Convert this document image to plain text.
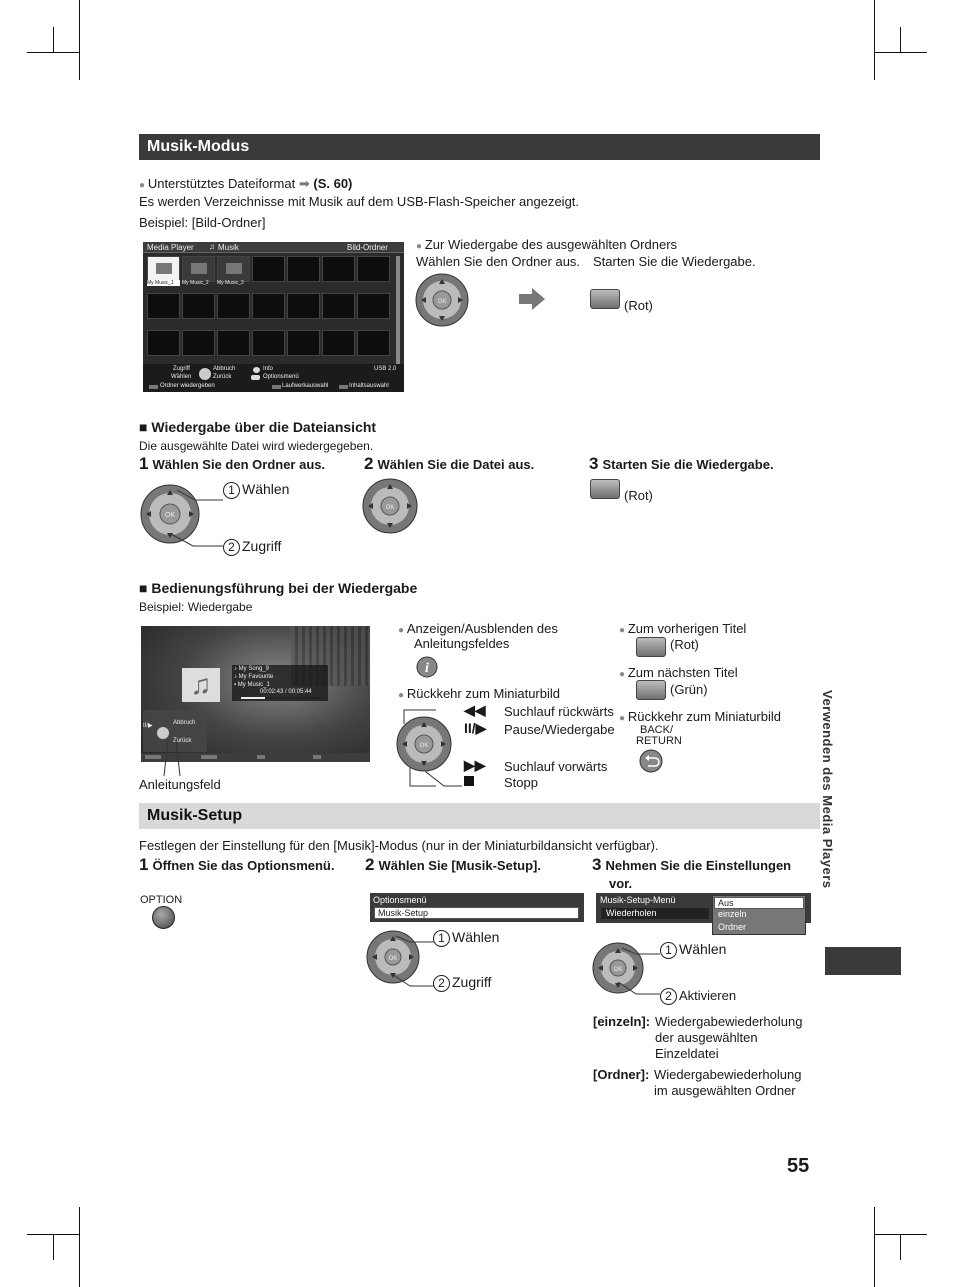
Musik-Modus
● Unterstütztes Dateiformat ➡ (S. 60)
Es werden Verzeichnisse mit Musik auf dem USB-Flash-Speicher angezeigt.
Beispiel: [Bild-Ordner]
Media Player ♫ Musik	Bild-Ordner
My Music_1	My Music_2 My Music_3
Zugriff
Wählen
Abbruch
Zurück
Info
Optionsmenü
USB 2.0
Ordner wiedergeben	Laufwerkauswahl	Inhaltsauswahl
● Zur Wiedergabe des ausgewählten Ordners
Wählen Sie den Ordner aus. Starten Sie die Wiedergabe.
OK	(Rot)
■ Wiedergabe über die Dateiansicht
Die ausgewählte Datei wird wiedergegeben.
1 Wählen Sie den Ordner aus. 2 Wählen Sie die Datei aus.	3 Starten Sie die Wiedergabe.
OK
1 Wählen
2 Zugriff
OK
(Rot)
■ Bedienungsführung bei der Wiedergabe
Beispiel: Wiedergabe
♫	♪ My Song_9
♪ My Favourite
▪ My Music_1
00:02:43 / 00:05:44
II/▶	Abbruch
Zurück
Anleitungsfeld
● Anzeigen/Ausblenden des
Anleitungsfeldes
i
● Rückkehr zum Miniaturbild
OK
◀◀
II/▶
▶▶
Suchlauf rückwärts
Pause/Wiedergabe
Suchlauf vorwärts
Stopp
● Zum vorherigen Titel
(Rot)
● Zum nächsten Titel
(Grün)
● Rückkehr zum Miniaturbild
BACK/
RETURN
Musik-Setup
Festlegen der Einstellung für den [Musik]-Modus (nur in der Miniaturbildansicht verfügbar).
1 Öffnen Sie das Optionsmenü. 2 Wählen Sie [Musik-Setup].	3 Nehmen Sie die Einstellungen
vor.
OPTION	Optionsmenü
Musik-Setup
OK
1 Wählen
2 Zugriff
Musik-Setup-Menü
Wiederholen
Aus
einzeln
Ordner
OK
1 Wählen
2 Aktivieren
[einzeln]: Wiedergabewiederholung
der ausgewählten
Einzeldatei
[Ordner]: Wiedergabewiederholung
im ausgewählten Ordner
Verwenden des Media Players
55
